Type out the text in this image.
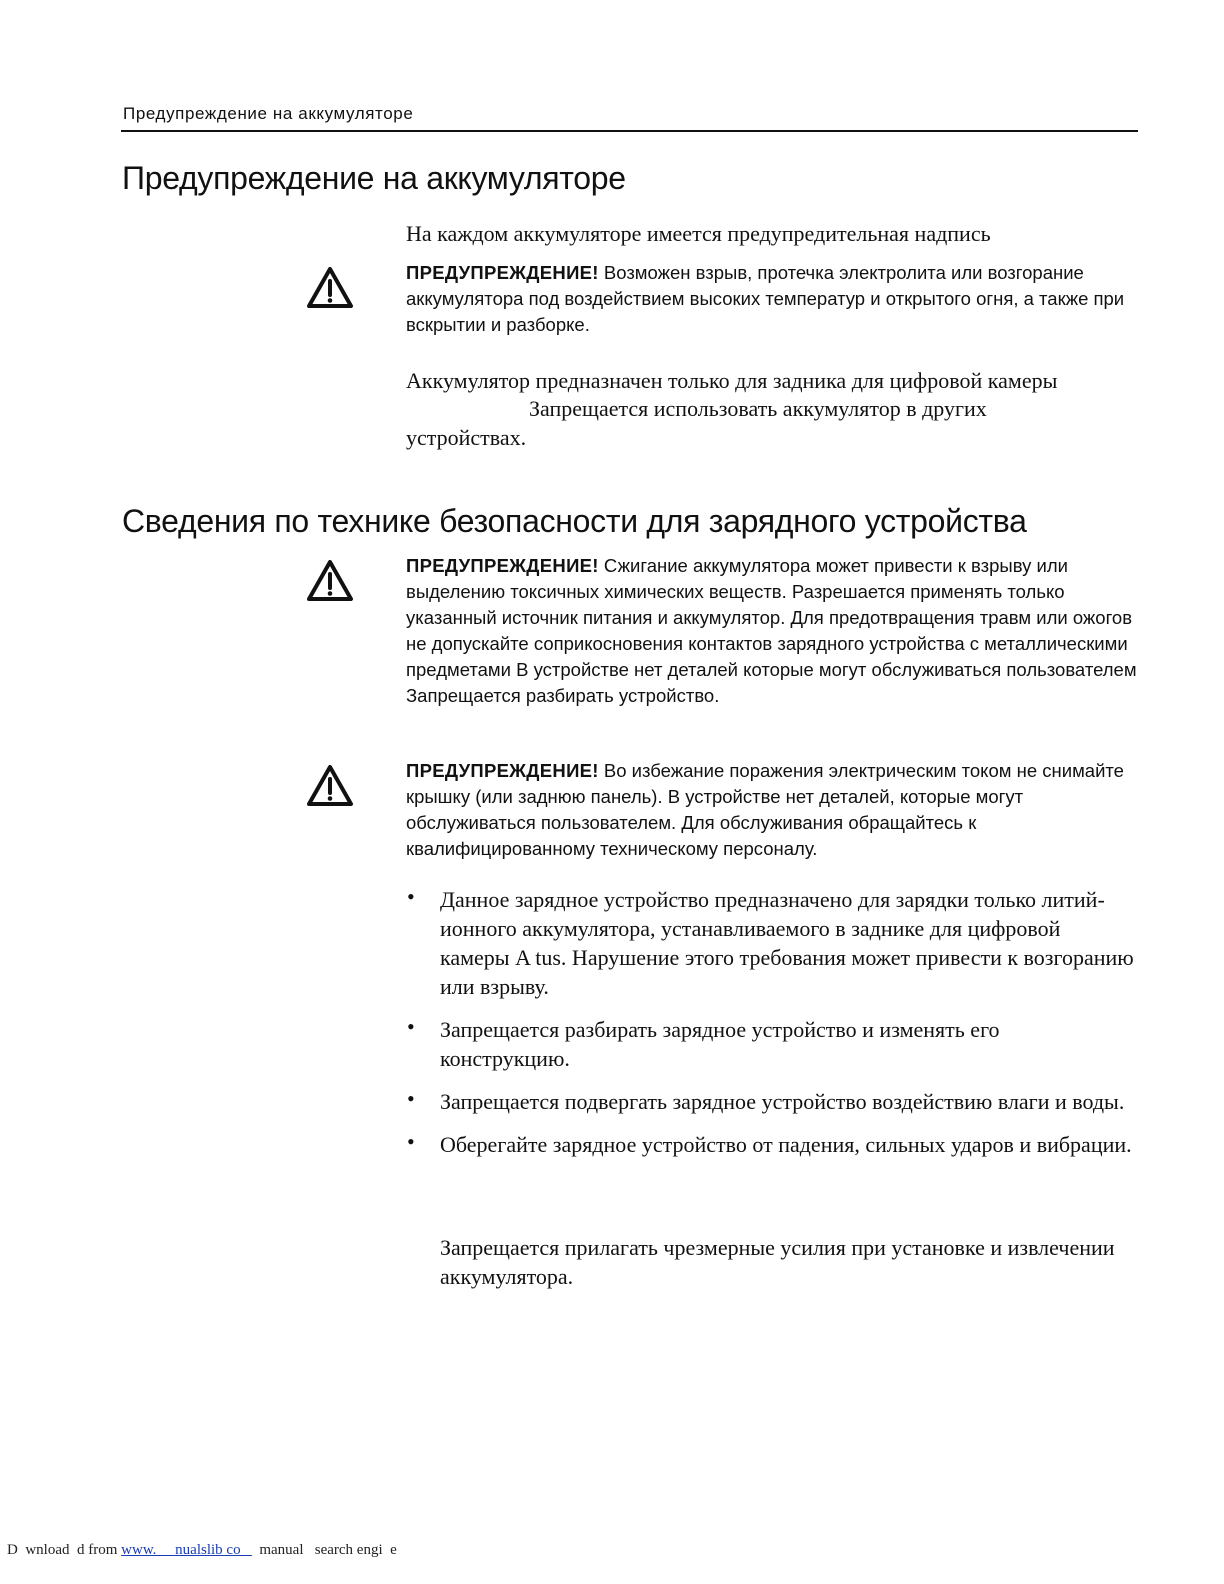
Предупреждение на аккумуляторе
Предупреждение на аккумуляторе
На каждом аккумуляторе имеется предупредительная надпись

ПРЕДУПРЕЖДЕНИЕ! Возможен взрыв, протечка электролита или возгорание аккумулятора под воздействием высоких температур и открытого огня, а также при вскрытии и разборке.

Аккумулятор предназначен только для задника для цифровой камеры
Запрещается использовать аккумулятор в других
устройствах.
Сведения по технике безопасности для зарядного устройства

ПРЕДУПРЕЖДЕНИЕ! Сжигание аккумулятора может привести к взрыву или выделению токсичных химических веществ. Разрешается применять только указанный источник питания и аккумулятор. Для предотвращения травм или ожогов не допускайте соприкосновения контактов зарядного устройства с металлическими предметами В устройстве нет деталей которые могут обслуживаться пользователем Запрещается разбирать устройство.

ПРЕДУПРЕЖДЕНИЕ! Во избежание поражения электрическим током не снимайте крышку (или заднюю панель). В устройстве нет деталей, которые могут обслуживаться пользователем. Для обслуживания обращайтесь к квалифицированному техническому персоналу.

• Данное зарядное устройство предназначено для зарядки только литий-ионного аккумулятора, устанавливаемого в заднике для цифровой камеры A tus. Нарушение этого требования может привести к возгоранию или взрыву.
• Запрещается разбирать зарядное устройство и изменять его конструкцию.
• Запрещается подвергать зарядное устройство воздействию влаги и воды.
• Оберегайте зарядное устройство от падения, сильных ударов и вибрации.
Запрещается прилагать чрезмерные усилия при установке и извлечении аккумулятора.
D  wnload  d from www.     nualslib co     manual   search engi  e
